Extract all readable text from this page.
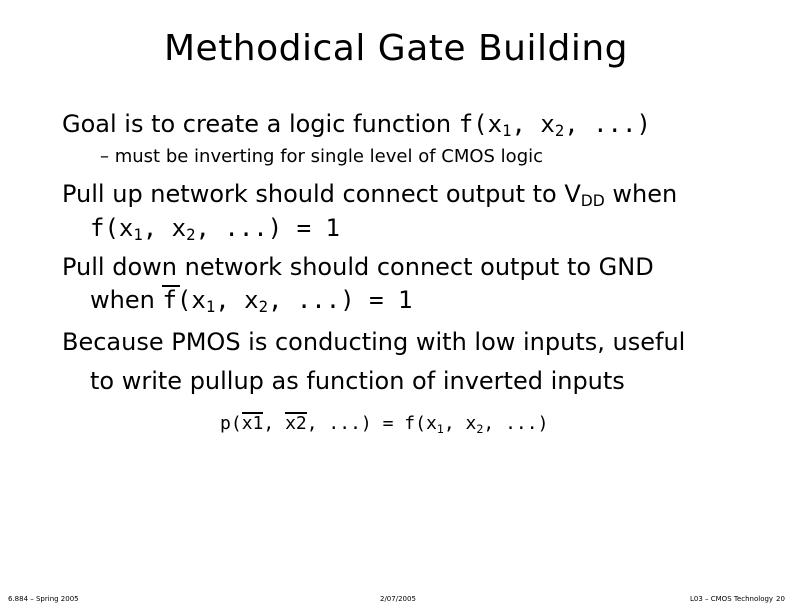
Methodical Gate Building
Goal is to create a logic function $f(x_1$, $x_2$, ...)
– must be inverting for single level of CMOS logic
Pull up network should connect output to $V_{DD}$ when
$f(x_1$, $x_2$, ...) = 1
Pull down network should connect output to GND
when
$f(x_1$, $x_2$, ...) = 1
Because PMOS is conducting with low inputs, useful
to write pullup as function of inverted inputs
p(
x1,
x2, ...) = $f(x_1$, $x_2$, ...)
6.884 – Spring 2005	2/07/2005	L03 – CMOS Technology 20
